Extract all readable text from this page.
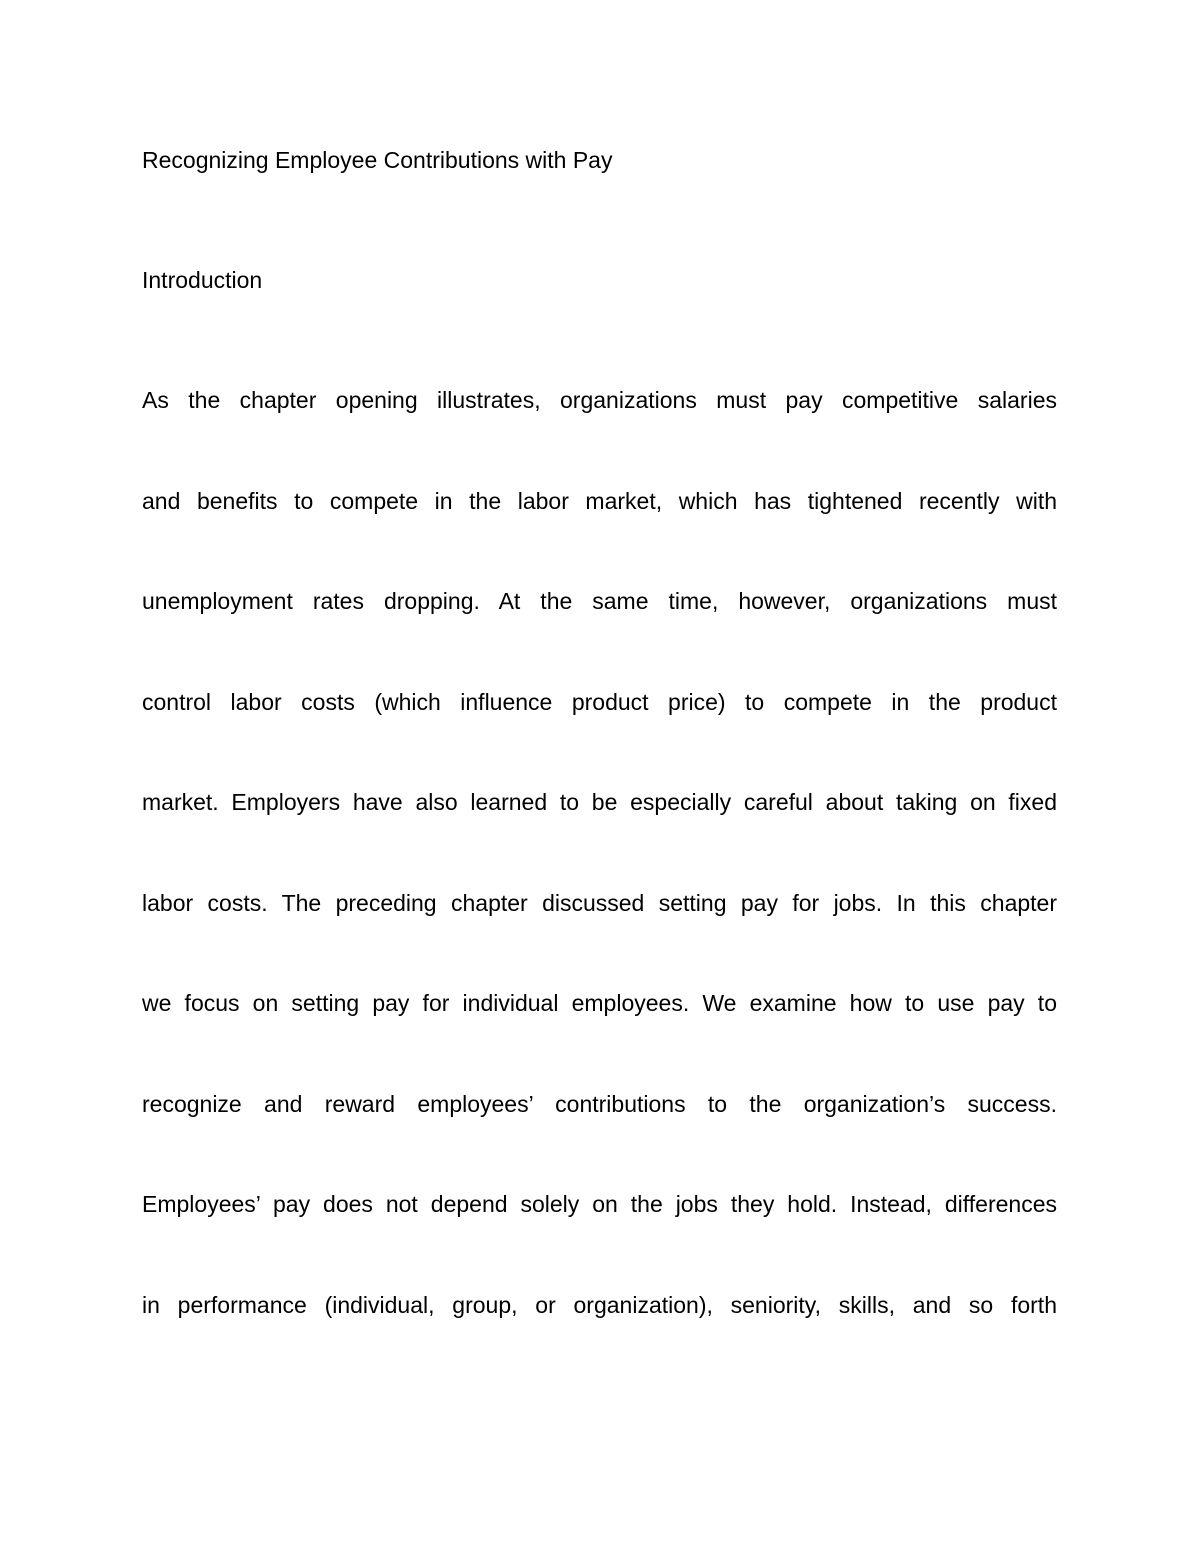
Recognizing Employee Contributions with Pay
Introduction
As the chapter opening illustrates, organizations must pay competitive salaries
and benefits to compete in the labor market, which has tightened recently with
unemployment rates dropping. At the same time, however, organizations must
control labor costs (which influence product price) to compete in the product
market. Employers have also learned to be especially careful about taking on fixed
labor costs. The preceding chapter discussed setting pay for jobs. In this chapter
we focus on setting pay for individual employees. We examine how to use pay to
recognize and reward employees’ contributions to the organization’s success.
Employees’ pay does not depend solely on the jobs they hold. Instead, differences
in performance (individual, group, or organization), seniority, skills, and so forth
